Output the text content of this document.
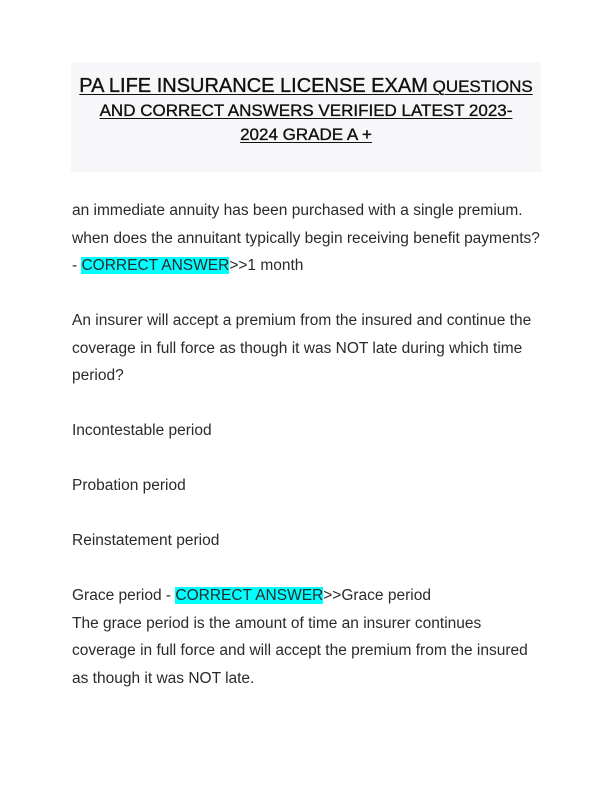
PA LIFE INSURANCE LICENSE EXAM QUESTIONS
AND CORRECT ANSWERS VERIFIED LATEST 2023-
2024 GRADE A +

an immediate annuity has been purchased with a single premium. when does the annuitant typically begin receiving benefit payments? - CORRECT ANSWER>>1 month

An insurer will accept a premium from the insured and continue the coverage in full force as though it was NOT late during which time period?

Incontestable period

Probation period

Reinstatement period

Grace period - CORRECT ANSWER>>Grace period

The grace period is the amount of time an insurer continues coverage in full force and will accept the premium from the insured as though it was NOT late.
